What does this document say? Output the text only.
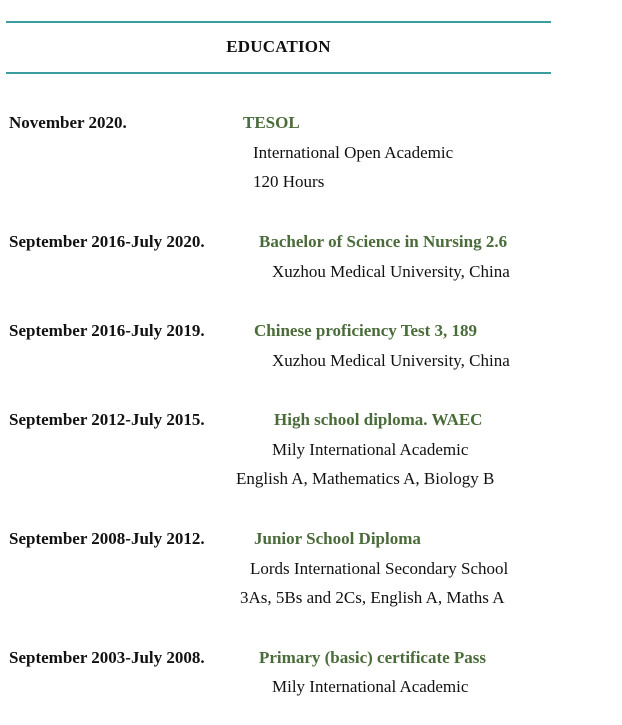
EDUCATION
November 2020.	TESOL
International Open Academic
120 Hours
September 2016-July 2020.	Bachelor of Science in Nursing 2.6
Xuzhou Medical University, China
September 2016-July 2019.	Chinese proficiency Test 3, 189
Xuzhou Medical University, China
September 2012-July 2015.	High school diploma. WAEC
Mily International Academic
English A, Mathematics A, Biology B
September 2008-July 2012.	Junior School Diploma
Lords International Secondary School
3As, 5Bs and 2Cs, English A, Maths A
September 2003-July 2008.	Primary (basic) certificate Pass
Mily International Academic
